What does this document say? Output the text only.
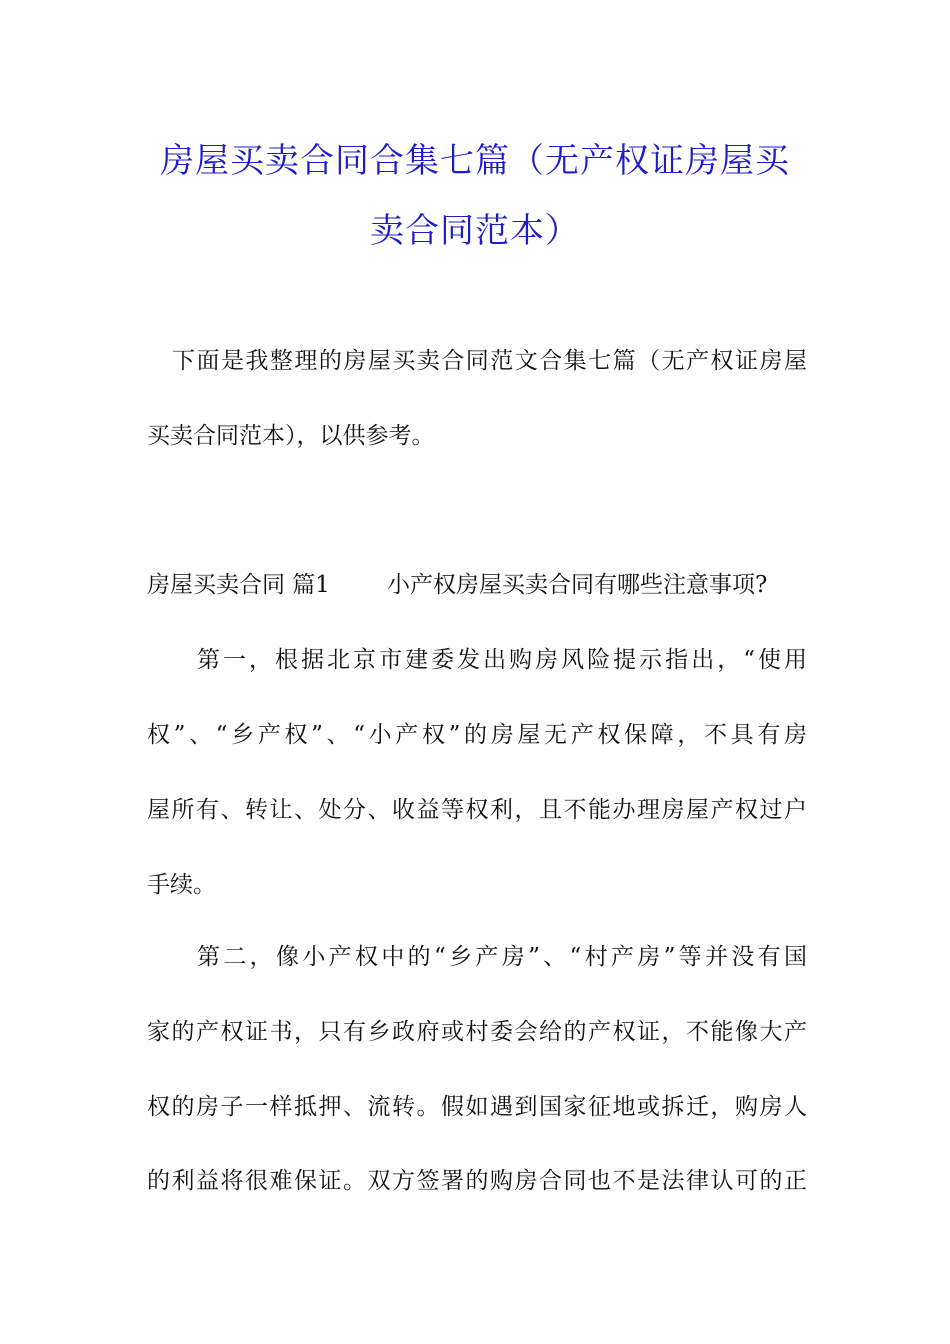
房屋买卖合同合集七篇（无产权证房屋买
卖合同范本）

下面是我整理的房屋买卖合同范文合集七篇（无产权证房屋

买卖合同范本），以供参考。

房屋买卖合同 篇1 小产权房屋买卖合同有哪些注意事项?

第一，根据北京市建委发出购房风险提示指出，“使用

权”、“乡产权”、“小产权”的房屋无产权保障，不具有房

屋所有、转让、处分、收益等权利，且不能办理房屋产权过户

手续。

第二，像小产权中的“乡产房”、“村产房”等并没有国

家的产权证书，只有乡政府或村委会给的产权证，不能像大产

权的房子一样抵押、流转。假如遇到国家征地或拆迁，购房人

的利益将很难保证。双方签署的购房合同也不是法律认可的正
